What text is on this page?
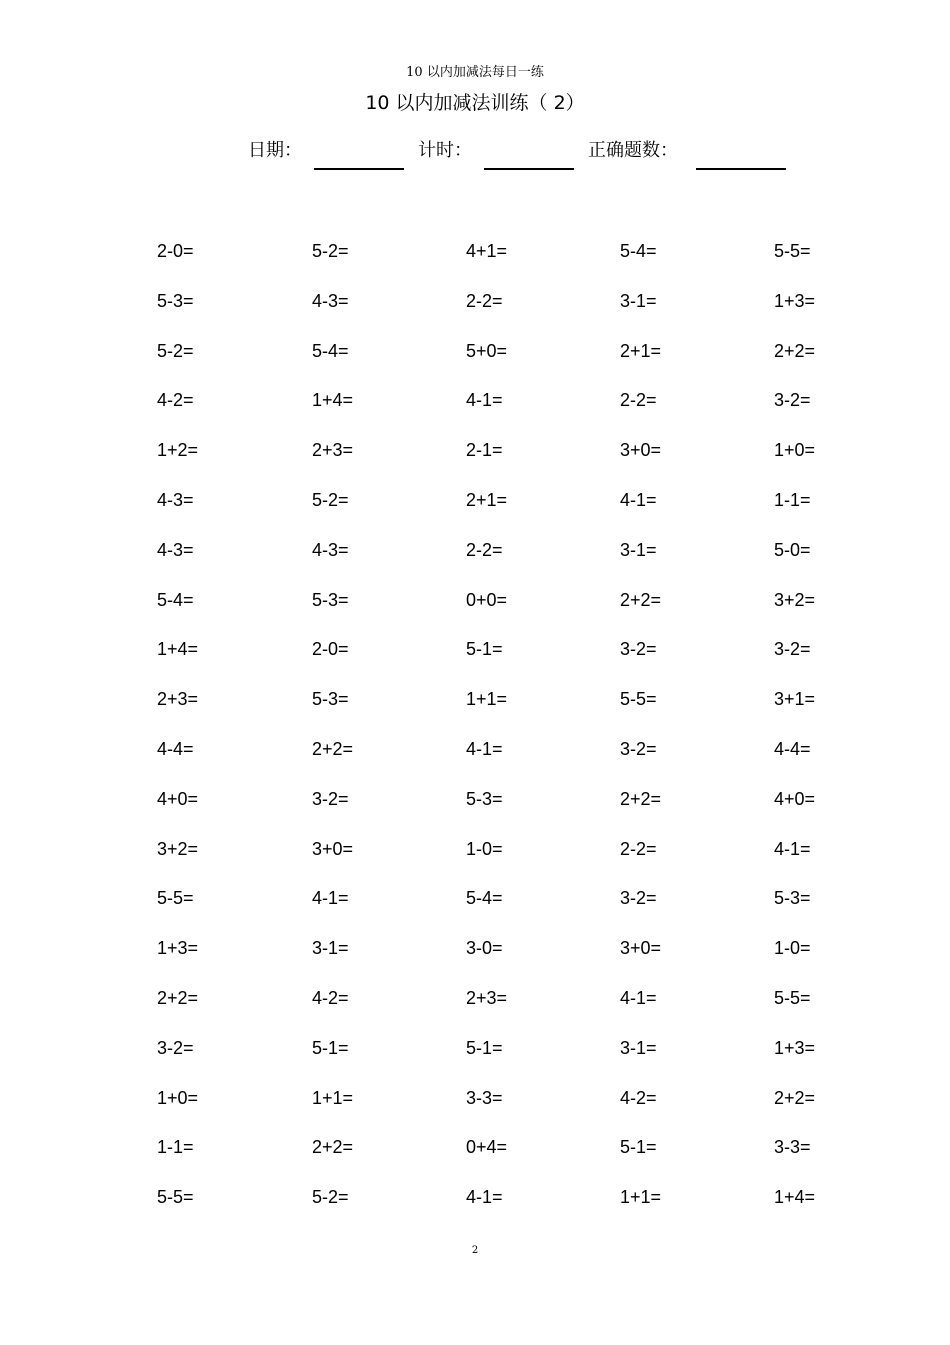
10 以内加减法每日一练
10 以内加减法训练（ 2）
日期：	计时：	正确题数：
2-0=	5-2=	4+1=	5-4=	5-5=
5-3=	4-3=	2-2=	3-1=	1+3=
5-2=	5-4=	5+0=	2+1=	2+2=
4-2=	1+4=	4-1=	2-2=	3-2=
1+2=	2+3=	2-1=	3+0=	1+0=
4-3=	5-2=	2+1=	4-1=	1-1=
4-3=	4-3=	2-2=	3-1=	5-0=
5-4=	5-3=	0+0=	2+2=	3+2=
1+4=	2-0=	5-1=	3-2=	3-2=
2+3=	5-3=	1+1=	5-5=	3+1=
4-4=	2+2=	4-1=	3-2=	4-4=
4+0=	3-2=	5-3=	2+2=	4+0=
3+2=	3+0=	1-0=	2-2=	4-1=
5-5=	4-1=	5-4=	3-2=	5-3=
1+3=	3-1=	3-0=	3+0=	1-0=
2+2=	4-2=	2+3=	4-1=	5-5=
3-2=	5-1=	5-1=	3-1=	1+3=
1+0=	1+1=	3-3=	4-2=	2+2=
1-1=	2+2=	0+4=	5-1=	3-3=
5-5=	5-2=	4-1=	1+1=	1+4=
2
